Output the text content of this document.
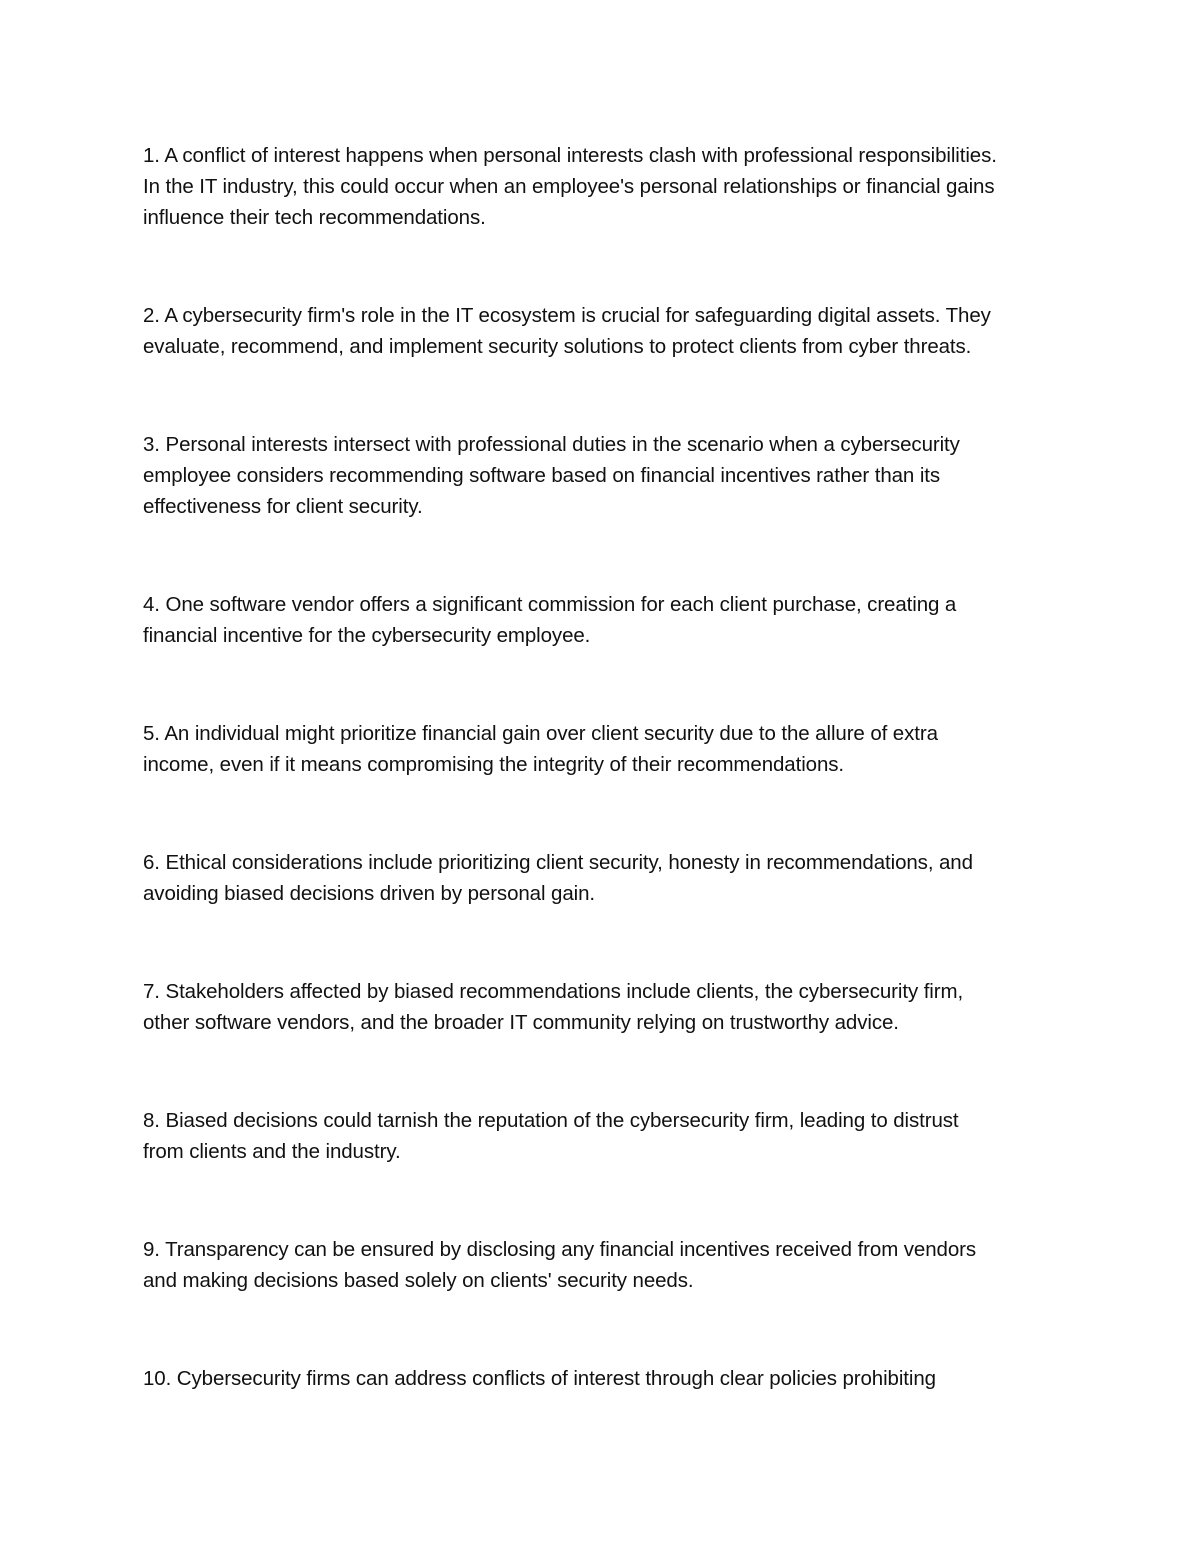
1. A conflict of interest happens when personal interests clash with professional responsibilities.
In the IT industry, this could occur when an employee's personal relationships or financial gains
influence their tech recommendations.

2. A cybersecurity firm's role in the IT ecosystem is crucial for safeguarding digital assets. They
evaluate, recommend, and implement security solutions to protect clients from cyber threats.

3. Personal interests intersect with professional duties in the scenario when a cybersecurity
employee considers recommending software based on financial incentives rather than its
effectiveness for client security.

4. One software vendor offers a significant commission for each client purchase, creating a
financial incentive for the cybersecurity employee.

5. An individual might prioritize financial gain over client security due to the allure of extra
income, even if it means compromising the integrity of their recommendations.

6. Ethical considerations include prioritizing client security, honesty in recommendations, and
avoiding biased decisions driven by personal gain.

7. Stakeholders affected by biased recommendations include clients, the cybersecurity firm,
other software vendors, and the broader IT community relying on trustworthy advice.

8. Biased decisions could tarnish the reputation of the cybersecurity firm, leading to distrust
from clients and the industry.

9. Transparency can be ensured by disclosing any financial incentives received from vendors
and making decisions based solely on clients' security needs.

10. Cybersecurity firms can address conflicts of interest through clear policies prohibiting
